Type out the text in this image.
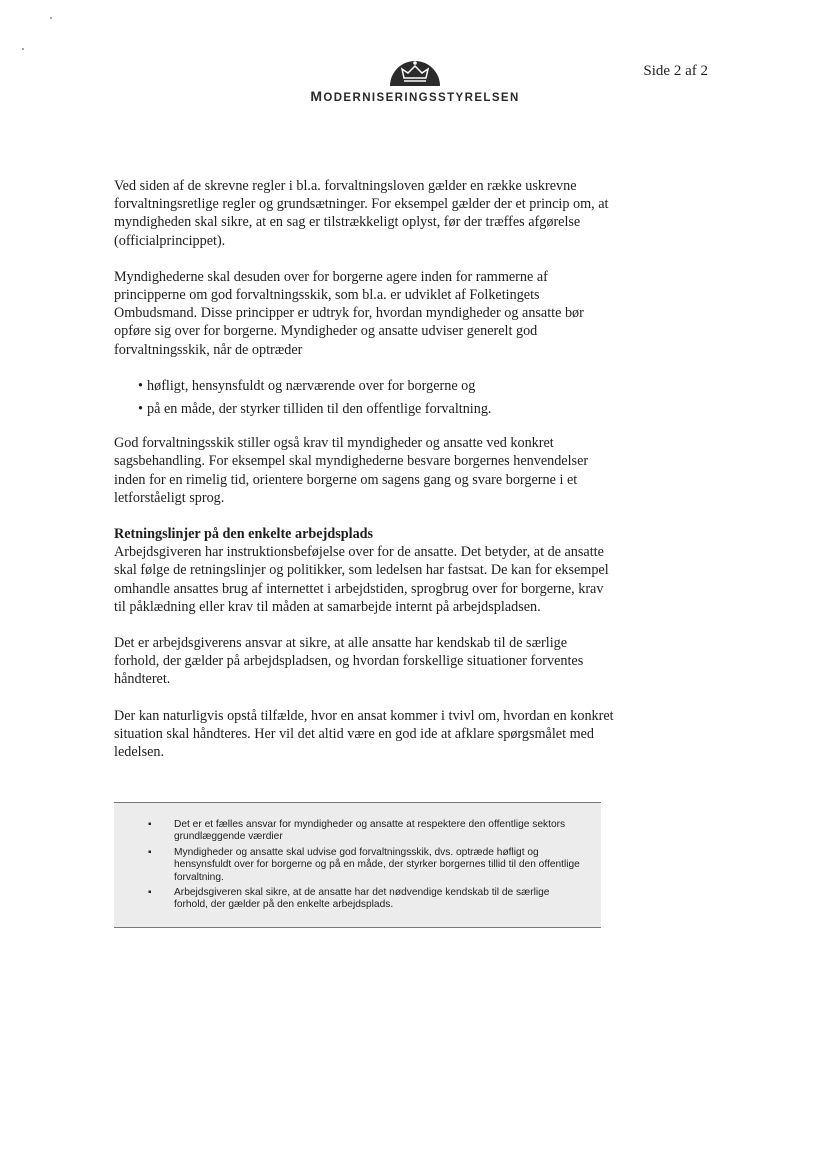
Side 2 af 2
MODERNISERINGSSTYRELSEN

Ved siden af de skrevne regler i bl.a. forvaltningsloven gælder en række uskrevne forvaltningsretlige regler og grundsætninger. For eksempel gælder der et princip om, at myndigheden skal sikre, at en sag er tilstrækkeligt oplyst, før der træffes afgørelse (officialprincippet).

Myndighederne skal desuden over for borgerne agere inden for rammerne af principperne om god forvaltningsskik, som bl.a. er udviklet af Folketingets Ombudsmand. Disse principper er udtryk for, hvordan myndigheder og ansatte bør opføre sig over for borgerne. Myndigheder og ansatte udviser generelt god forvaltningsskik, når de optræder

• høfligt, hensynsfuldt og nærværende over for borgerne og
• på en måde, der styrker tilliden til den offentlige forvaltning.

God forvaltningsskik stiller også krav til myndigheder og ansatte ved konkret sagsbehandling. For eksempel skal myndighederne besvare borgernes henvendelser inden for en rimelig tid, orientere borgerne om sagens gang og svare borgerne i et letforståeligt sprog.

Retningslinjer på den enkelte arbejdsplads

Arbejdsgiveren har instruktionsbeføjelse over for de ansatte. Det betyder, at de ansatte skal følge de retningslinjer og politikker, som ledelsen har fastsat. De kan for eksempel omhandle ansattes brug af internettet i arbejdstiden, sprogbrug over for borgerne, krav til påklædning eller krav til måden at samarbejde internt på arbejdspladsen.

Det er arbejdsgiverens ansvar at sikre, at alle ansatte har kendskab til de særlige forhold, der gælder på arbejdspladsen, og hvordan forskellige situationer forventes håndteret.

Der kan naturligvis opstå tilfælde, hvor en ansat kommer i tvivl om, hvordan en konkret situation skal håndteres. Her vil det altid være en god ide at afklare spørgsmålet med ledelsen.

▪ Det er et fælles ansvar for myndigheder og ansatte at respektere den offentlige sektors grundlæggende værdier
▪ Myndigheder og ansatte skal udvise god forvaltningsskik, dvs. optræde høfligt og hensynsfuldt over for borgerne og på en måde, der styrker borgernes tillid til den offentlige forvaltning.
▪ Arbejdsgiveren skal sikre, at de ansatte har det nødvendige kendskab til de særlige forhold, der gælder på den enkelte arbejdsplads.
